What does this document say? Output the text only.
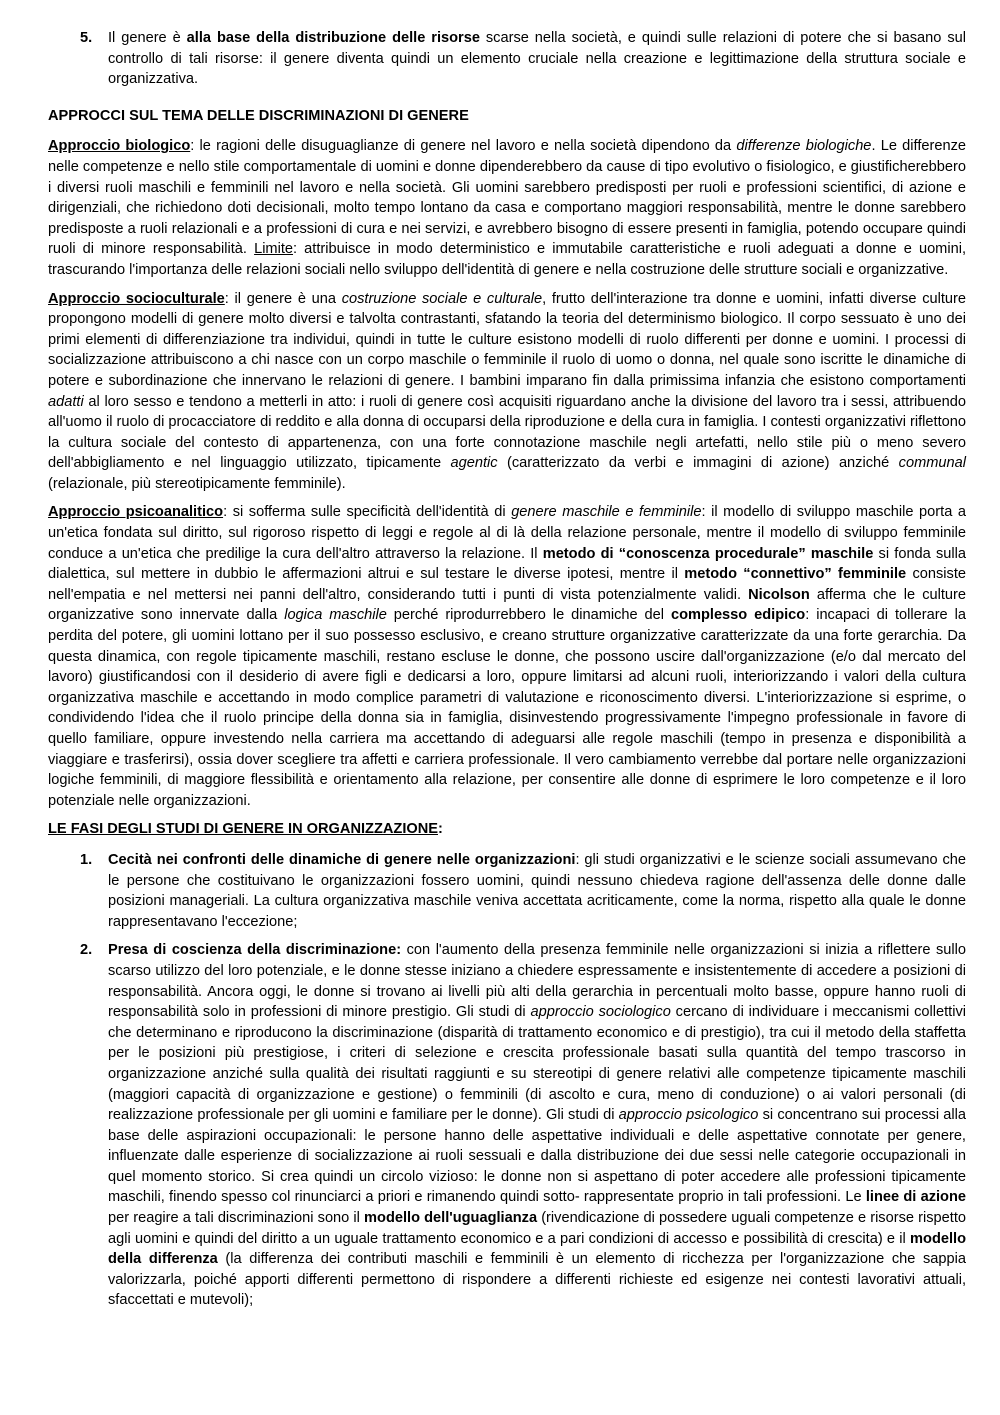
5.	Il genere è alla base della distribuzione delle risorse scarse nella società, e quindi sulle relazioni di potere che si basano sul controllo di tali risorse: il genere diventa quindi un elemento cruciale nella creazione e legittimazione della struttura sociale e organizzativa.

APPROCCI SUL TEMA DELLE DISCRIMINAZIONI DI GENERE

Approccio biologico: le ragioni delle disuguaglianze di genere nel lavoro e nella società dipendono da differenze biologiche. Le differenze nelle competenze e nello stile comportamentale di uomini e donne dipenderebbero da cause di tipo evolutivo o fisiologico, e giustificherebbero i diversi ruoli maschili e femminili nel lavoro e nella società. Gli uomini sarebbero predisposti per ruoli e professioni scientifici, di azione e dirigenziali, che richiedono doti decisionali, molto tempo lontano da casa e comportano maggiori responsabilità, mentre le donne sarebbero predisposte a ruoli relazionali e a professioni di cura e nei servizi, e avrebbero bisogno di essere presenti in famiglia, potendo occupare quindi ruoli di minore responsabilità. Limite: attribuisce in modo deterministico e immutabile caratteristiche e ruoli adeguati a donne e uomini, trascurando l'importanza delle relazioni sociali nello sviluppo dell'identità di genere e nella costruzione delle strutture sociali e organizzative.

Approccio socioculturale: il genere è una costruzione sociale e culturale, frutto dell'interazione tra donne e uomini, infatti diverse culture propongono modelli di genere molto diversi e talvolta contrastanti, sfatando la teoria del determinismo biologico. Il corpo sessuato è uno dei primi elementi di differenziazione tra individui, quindi in tutte le culture esistono modelli di ruolo differenti per donne e uomini. I processi di socializzazione attribuiscono a chi nasce con un corpo maschile o femminile il ruolo di uomo o donna, nel quale sono iscritte le dinamiche di potere e subordinazione che innervano le relazioni di genere. I bambini imparano fin dalla primissima infanzia che esistono comportamenti adatti al loro sesso e tendono a metterli in atto: i ruoli di genere così acquisiti riguardano anche la divisione del lavoro tra i sessi, attribuendo all'uomo il ruolo di procacciatore di reddito e alla donna di occuparsi della riproduzione e della cura in famiglia. I contesti organizzativi riflettono la cultura sociale del contesto di appartenenza, con una forte connotazione maschile negli artefatti, nello stile più o meno severo dell'abbigliamento e nel linguaggio utilizzato, tipicamente agentic (caratterizzato da verbi e immagini di azione) anziché communal (relazionale, più stereotipicamente femminile).

Approccio psicoanalitico: si sofferma sulle specificità dell'identità di genere maschile e femminile: il modello di sviluppo maschile porta a un'etica fondata sul diritto, sul rigoroso rispetto di leggi e regole al di là della relazione personale, mentre il modello di sviluppo femminile conduce a un'etica che predilige la cura dell'altro attraverso la relazione. Il metodo di “conoscenza procedurale” maschile si fonda sulla dialettica, sul mettere in dubbio le affermazioni altrui e sul testare le diverse ipotesi, mentre il metodo “connettivo” femminile consiste nell'empatia e nel mettersi nei panni dell'altro, considerando tutti i punti di vista potenzialmente validi. Nicolson afferma che le culture organizzative sono innervate dalla logica maschile perché riprodurrebbero le dinamiche del complesso edipico: incapaci di tollerare la perdita del potere, gli uomini lottano per il suo possesso esclusivo, e creano strutture organizzative caratterizzate da una forte gerarchia. Da questa dinamica, con regole tipicamente maschili, restano escluse le donne, che possono uscire dall'organizzazione (e/o dal mercato del lavoro) giustificandosi con il desiderio di avere figli e dedicarsi a loro, oppure limitarsi ad alcuni ruoli, interiorizzando i valori della cultura organizzativa maschile e accettando in modo complice parametri di valutazione e riconoscimento diversi. L'interiorizzazione si esprime, o condividendo l'idea che il ruolo principe della donna sia in famiglia, disinvestendo progressivamente l'impegno professionale in favore di quello familiare, oppure investendo nella carriera ma accettando di adeguarsi alle regole maschili (tempo in presenza e disponibilità a viaggiare e trasferirsi), ossia dover scegliere tra affetti e carriera professionale. Il vero cambiamento verrebbe dal portare nelle organizzazioni logiche femminili, di maggiore flessibilità e orientamento alla relazione, per consentire alle donne di esprimere le loro competenze e il loro potenziale nelle organizzazioni.

LE FASI DEGLI STUDI DI GENERE IN ORGANIZZAZIONE:

1.	Cecità nei confronti delle dinamiche di genere nelle organizzazioni: gli studi organizzativi e le scienze sociali assumevano che le persone che costituivano le organizzazioni fossero uomini, quindi nessuno chiedeva ragione dell'assenza delle donne dalle posizioni manageriali. La cultura organizzativa maschile veniva accettata acriticamente, come la norma, rispetto alla quale le donne rappresentavano l'eccezione;

2.	Presa di coscienza della discriminazione: con l'aumento della presenza femminile nelle organizzazioni si inizia a riflettere sullo scarso utilizzo del loro potenziale, e le donne stesse iniziano a chiedere espressamente e insistentemente di accedere a posizioni di responsabilità. Ancora oggi, le donne si trovano ai livelli più alti della gerarchia in percentuali molto basse, oppure hanno ruoli di responsabilità solo in professioni di minore prestigio. Gli studi di approccio sociologico cercano di individuare i meccanismi collettivi che determinano e riproducono la discriminazione (disparità di trattamento economico e di prestigio), tra cui il metodo della staffetta per le posizioni più prestigiose, i criteri di selezione e crescita professionale basati sulla quantità del tempo trascorso in organizzazione anziché sulla qualità dei risultati raggiunti e su stereotipi di genere relativi alle competenze tipicamente maschili (maggiori capacità di organizzazione e gestione) o femminili (di ascolto e cura, meno di conduzione) o ai valori personali (di realizzazione professionale per gli uomini e familiare per le donne). Gli studi di approccio psicologico si concentrano sui processi alla base delle aspirazioni occupazionali: le persone hanno delle aspettative individuali e delle aspettative connotate per genere, influenzate dalle esperienze di socializzazione ai ruoli sessuali e dalla distribuzione dei due sessi nelle categorie occupazionali in quel momento storico. Si crea quindi un circolo vizioso: le donne non si aspettano di poter accedere alle professioni tipicamente maschili, finendo spesso col rinunciarci a priori e rimanendo quindi sotto- rappresentate proprio in tali professioni. Le linee di azione per reagire a tali discriminazioni sono il modello dell'uguaglianza (rivendicazione di possedere uguali competenze e risorse rispetto agli uomini e quindi del diritto a un uguale trattamento economico e a pari condizioni di accesso e possibilità di crescita) e il modello della differenza (la differenza dei contributi maschili e femminili è un elemento di ricchezza per l'organizzazione che sappia valorizzarla, poiché apporti differenti permettono di rispondere a differenti richieste ed esigenze nei contesti lavorativi attuali, sfaccettati e mutevoli);
